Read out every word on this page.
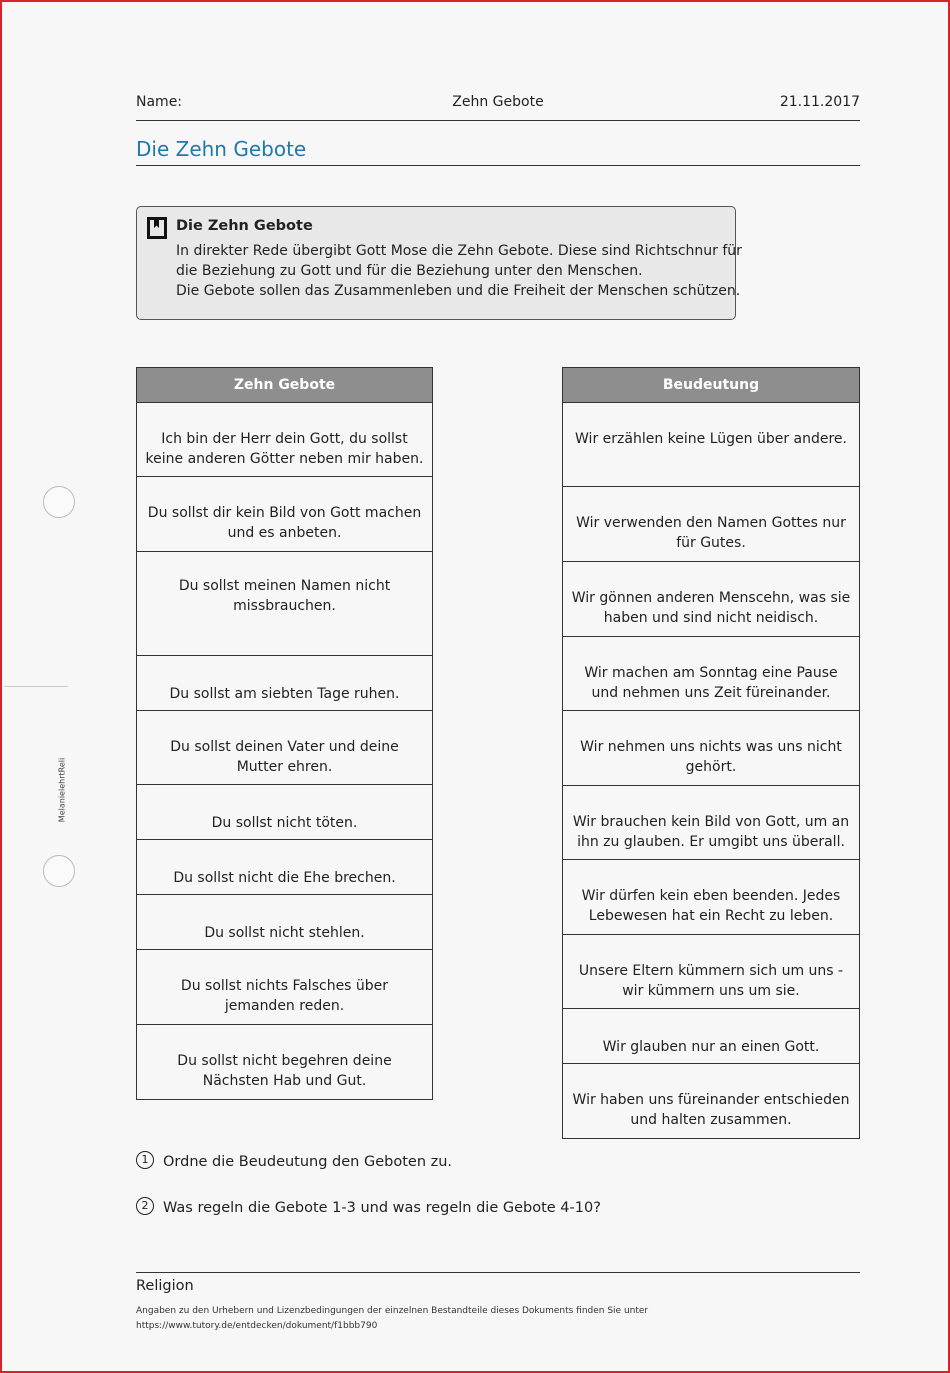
Name:	Zehn Gebote	21.11.2017
Die Zehn Gebote
Die Zehn Gebote
In direkter Rede übergibt Gott Mose die Zehn Gebote. Diese sind Richtschnur für
die Beziehung zu Gott und für die Beziehung unter den Menschen.
Die Gebote sollen das Zusammenleben und die Freiheit der Menschen schützen.
Zehn Gebote
Ich bin der Herr dein Gott, du sollst keine anderen Götter neben mir haben.
Du sollst dir kein Bild von Gott machen und es anbeten.
Du sollst meinen Namen nicht missbrauchen.
Du sollst am siebten Tage ruhen.
Du sollst deinen Vater und deine Mutter ehren.
Du sollst nicht töten.
Du sollst nicht die Ehe brechen.
Du sollst nicht stehlen.
Du sollst nichts Falsches über jemanden reden.
Du sollst nicht begehren deine Nächsten Hab und Gut.
Beudeutung
Wir erzählen keine Lügen über andere.
Wir verwenden den Namen Gottes nur für Gutes.
Wir gönnen anderen Menscehn, was sie haben und sind nicht neidisch.
Wir machen am Sonntag eine Pause und nehmen uns Zeit füreinander.
Wir nehmen uns nichts was uns nicht gehört.
Wir brauchen kein Bild von Gott, um an ihn zu glauben. Er umgibt uns überall.
Wir dürfen kein eben beenden. Jedes Lebewesen hat ein Recht zu leben.
Unsere Eltern kümmern sich um uns - wir kümmern uns um sie.
Wir glauben nur an einen Gott.
Wir haben uns füreinander entschieden und halten zusammen.
1 Ordne die Beudeutung den Geboten zu.
2 Was regeln die Gebote 1-3 und was regeln die Gebote 4-10?
MelanielehrtReli
Religion
Angaben zu den Urhebern und Lizenzbedingungen der einzelnen Bestandteile dieses Dokuments finden Sie unter
https://www.tutory.de/entdecken/dokument/f1bbb790
